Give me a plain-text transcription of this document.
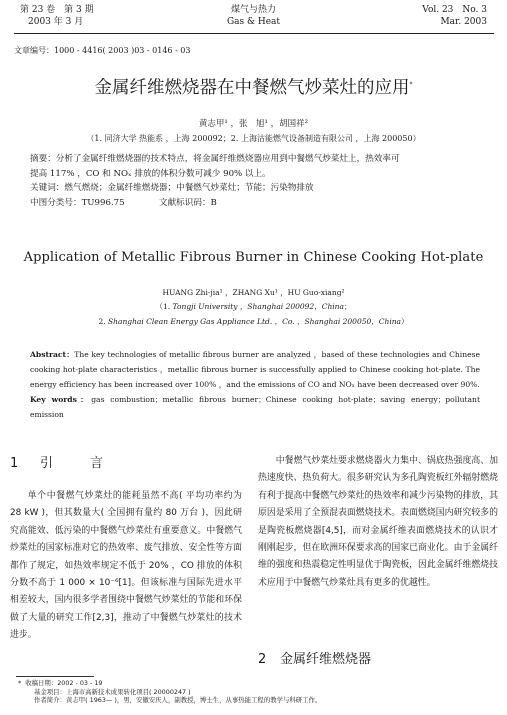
第 23 卷　第 3 期
2003 年 3 月
煤气与热力
Gas & Heat
Vol. 23　No. 3
Mar. 2003
文章编号：1000 - 4416( 2003 )03 - 0146 - 03
金属纤维燃烧器在中餐燃气炒菜灶的应用*
黄志甲¹ ，张　旭¹ ，胡国祥²
（1. 同济大学 热能系 ，上海 200092；2. 上海沽能燃气设备制造有限公司 ，上海 200050）

摘要：分析了金属纤维燃烧器的技术特点，将金属纤维燃烧器应用到中餐燃气炒菜灶上，热效率可

提高 117% ，CO 和 NOₓ 排放的体积分数可减少 90% 以上。

关键词：燃气燃烧；金属纤维燃烧器；中餐燃气炒菜灶；节能；污染物排放

中图分类号：TU996.75　　　　文献标识码：B

Application of Metallic Fibrous Burner in Chinese Cooking Hot-plate
HUANG Zhi-jia¹ ，ZHANG Xu¹ ，HU Guo-xiang²
（1. Tongji University ，Shanghai 200092，China；
2. Shanghai Clean Energy Gas Appliance Ltd. ，Co. ，Shanghai 200050，China）

Abstract：The key technologies of metallic fibrous burner are analyzed ，based of these technologies and Chinese cooking hot-plate characteristics ，metallic fibrous burner is successfully applied to Chinese cooking hot-plate. The energy efficiency has been increased over 100% ，and the emissions of CO and NOₓ have been decreased over 90%.

Key words：gas combustion；metallic fibrous burner；Chinese cooking hot-plate；saving energy；pollutant emission

1 引	言

单个中餐燃气炒菜灶的能耗虽然不高( 平均功率约为 28 kW )，但其数量大( 全国拥有量约 80 万台 )，因此研究高能效、低污染的中餐燃气炒菜灶有重要意义。中餐燃气炒菜灶的国家标准对它的热效率、废气排放、安全性等方面都作了规定，如热效率规定不低于 20% ，CO 排放的体积分数不高于 1 000 × 10⁻⁶[1]。但该标准与国际先进水平相差较大，国内很多学者围绕中餐燃气炒菜灶的节能和环保做了大量的研究工作[2,3]，推动了中餐燃气炒菜灶的技术进步。

中餐燃气炒菜灶要求燃烧器火力集中、锅底热强度高、加热速度快、热负荷大。很多研究认为多孔陶瓷板红外辐射燃烧有利于提高中餐燃气炒菜灶的热效率和减少污染物的排放，其原因是采用了全预混表面燃烧技术。表面燃烧国内研究较多的是陶瓷板燃烧器[4,5]，而对金属纤维表面燃烧技术的认识才刚刚起步，但在欧洲环保要求高的国家已商业化。由于金属纤维的强度和热震稳定性明显优于陶瓷板，因此金属纤维燃烧技术应用于中餐燃气炒菜灶具有更多的优越性。

2 金属纤维燃烧器
*  收稿日期：2002 - 03 - 19
基金项目：上海市高新技术成果转化项目( 20000247 )
作者简介：黄志甲( 1963— )，男，安徽安庆人，副教授，博士生，从事热能工程的教学与科研工作。
